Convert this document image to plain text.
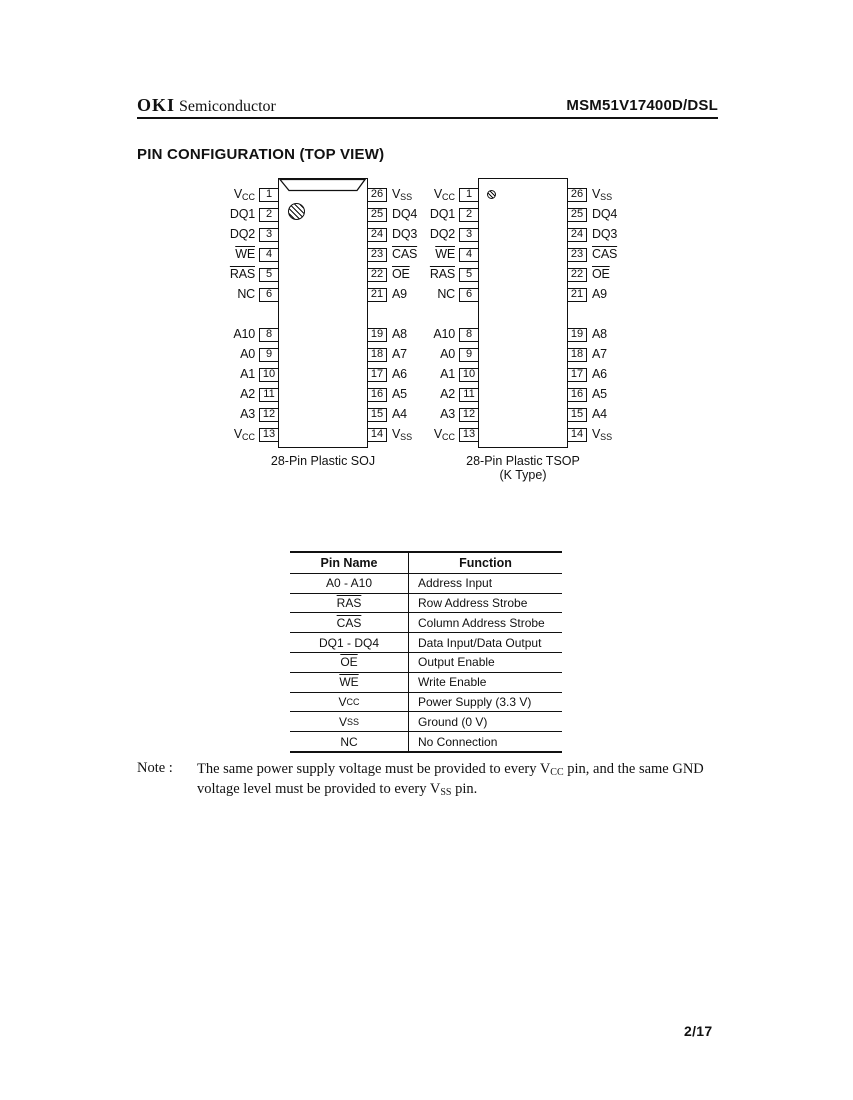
OKI Semiconductor	MSM51V17400D/DSL
PIN CONFIGURATION (TOP VIEW)
1
$V_{CC}$
2
DQ1
3
DQ2
4
$\overline{WE}$
5
$\overline{RAS}$
6
NC
8
A10
9
A0
10
A1
11
A2
12
A3
13
$V_{CC}$
26 $V_{SS}$
25 DQ4
24 DQ3
23 $\overline{CAS}$
22 $\overline{OE}$
21 A9
19 A8
18 A7
17 A6
16 A5
15 A4
14 $V_{SS}$
28-Pin Plastic SOJ
1
$V_{CC}$
2
DQ1
3
DQ2
4
$\overline{WE}$
5
$\overline{RAS}$
6
NC
8
A10
9
A0
10
A1
11
A2
12
A3
13
$V_{CC}$
26 $V_{SS}$
25 DQ4
24 DQ3
23 $\overline{CAS}$
22 $\overline{OE}$
21 A9
19 A8
18 A7
17 A6
16 A5
15 A4
14 $V_{SS}$
28-Pin Plastic TSOP
(K Type)
Pin Name	Function
A0 - A10	Address Input
$\overline{RAS}$	Row Address Strobe
$\overline{CAS}$	Column Address Strobe
DQ1 - DQ4	Data Input/Data Output
$\overline{OE}$	Output Enable
$\overline{WE}$	Write Enable
V CC	Power Supply (3.3 V)
V SS	Ground (0 V)
NC	No Connection
Note : The same power supply voltage must be provided to every $V_{CC}$ pin, and the same GND
voltage level must be provided to every $V_{SS}$ pin.
2/17
